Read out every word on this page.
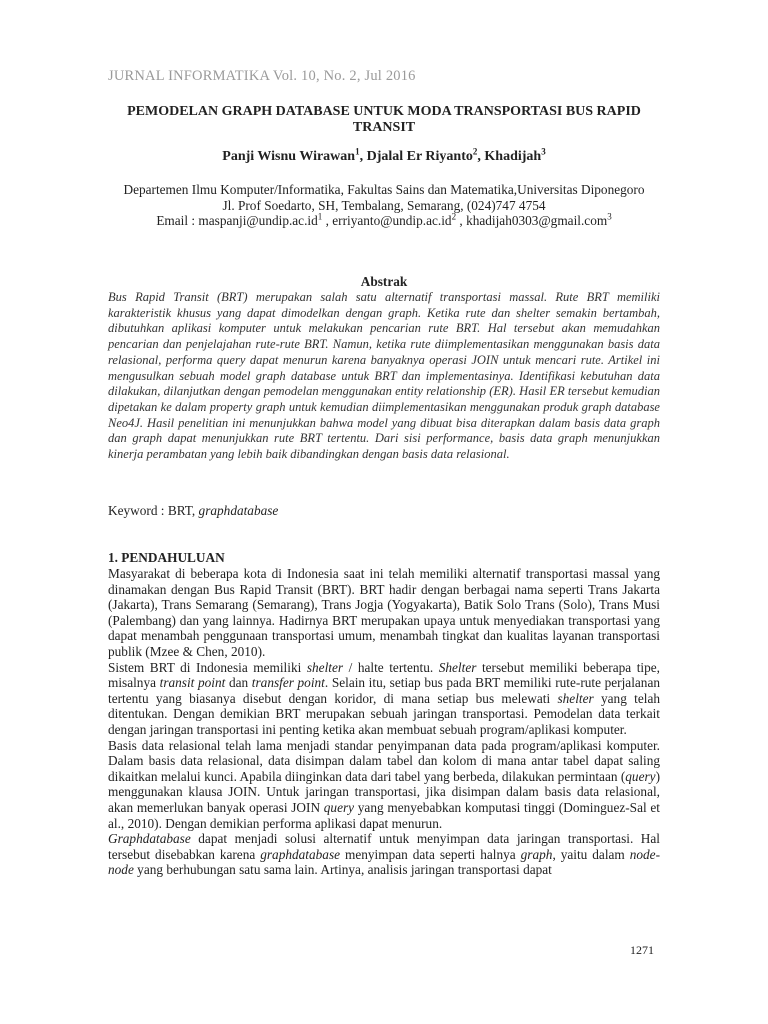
JURNAL INFORMATIKA Vol. 10, No. 2, Jul 2016
PEMODELAN GRAPH DATABASE UNTUK MODA TRANSPORTASI BUS RAPID TRANSIT
Panji Wisnu Wirawan$^1$, Djalal Er Riyanto$^2$, Khadijah$^3$
Departemen Ilmu Komputer/Informatika, Fakultas Sains dan Matematika,Universitas Diponegoro
Jl. Prof Soedarto, SH, Tembalang, Semarang, (024)747 4754
Email : $maspanji@undip.ac.id^1$ , $erriyanto@undip.ac.id^2$ , khadijah0303@gmail.com$^3$
Abstrak
Bus Rapid Transit (BRT) merupakan salah satu alternatif transportasi massal. Rute BRT memiliki karakteristik khusus yang dapat dimodelkan dengan graph. Ketika rute dan shelter semakin bertambah, dibutuhkan aplikasi komputer untuk melakukan pencarian rute BRT. Hal tersebut akan memudahkan pencarian dan penjelajahan rute-rute BRT. Namun, ketika rute diimplementasikan menggunakan basis data relasional, performa query dapat menurun karena banyaknya operasi JOIN untuk mencari rute. Artikel ini mengusulkan sebuah model graph database untuk BRT dan implementasinya. Identifikasi kebutuhan data dilakukan, dilanjutkan dengan pemodelan menggunakan entity relationship (ER). Hasil ER tersebut kemudian dipetakan ke dalam property graph untuk kemudian diimplementasikan menggunakan produk graph database Neo4J. Hasil penelitian ini menunjukkan bahwa model yang dibuat bisa diterapkan dalam basis data graph dan graph dapat menunjukkan rute BRT tertentu. Dari sisi performance, basis data graph menunjukkan kinerja perambatan yang lebih baik dibandingkan dengan basis data relasional.
Keyword : BRT, graphdatabase
1. PENDAHULUAN

Masyarakat di beberapa kota di Indonesia saat ini telah memiliki alternatif transportasi massal yang dinamakan dengan Bus Rapid Transit (BRT). BRT hadir dengan berbagai nama seperti Trans Jakarta (Jakarta), Trans Semarang (Semarang), Trans Jogja (Yogyakarta), Batik Solo Trans (Solo), Trans Musi (Palembang) dan yang lainnya. Hadirnya BRT merupakan upaya untuk menyediakan transportasi yang dapat menambah penggunaan transportasi umum, menambah tingkat dan kualitas layanan transportasi publik (Mzee & Chen, 2010).

Sistem BRT di Indonesia memiliki shelter / halte tertentu. Shelter tersebut memiliki beberapa tipe, misalnya transit point dan transfer point. Selain itu, setiap bus pada BRT memiliki rute-rute perjalanan tertentu yang biasanya disebut dengan koridor, di mana setiap bus melewati shelter yang telah ditentukan. Dengan demikian BRT merupakan sebuah jaringan transportasi. Pemodelan data terkait dengan jaringan transportasi ini penting ketika akan membuat sebuah program/aplikasi komputer.

Basis data relasional telah lama menjadi standar penyimpanan data pada program/aplikasi komputer. Dalam basis data relasional, data disimpan dalam tabel dan kolom di mana antar tabel dapat saling dikaitkan melalui kunci. Apabila diinginkan data dari tabel yang berbeda, dilakukan permintaan (query) menggunakan klausa JOIN. Untuk jaringan transportasi, jika disimpan dalam basis data relasional, akan memerlukan banyak operasi JOIN query yang menyebabkan komputasi tinggi (Dominguez-Sal et al., 2010). Dengan demikian performa aplikasi dapat menurun.

Graphdatabase dapat menjadi solusi alternatif untuk menyimpan data jaringan transportasi. Hal tersebut disebabkan karena graphdatabase menyimpan data seperti halnya graph, yaitu dalam node-node yang berhubungan satu sama lain. Artinya, analisis jaringan transportasi dapat

1271
